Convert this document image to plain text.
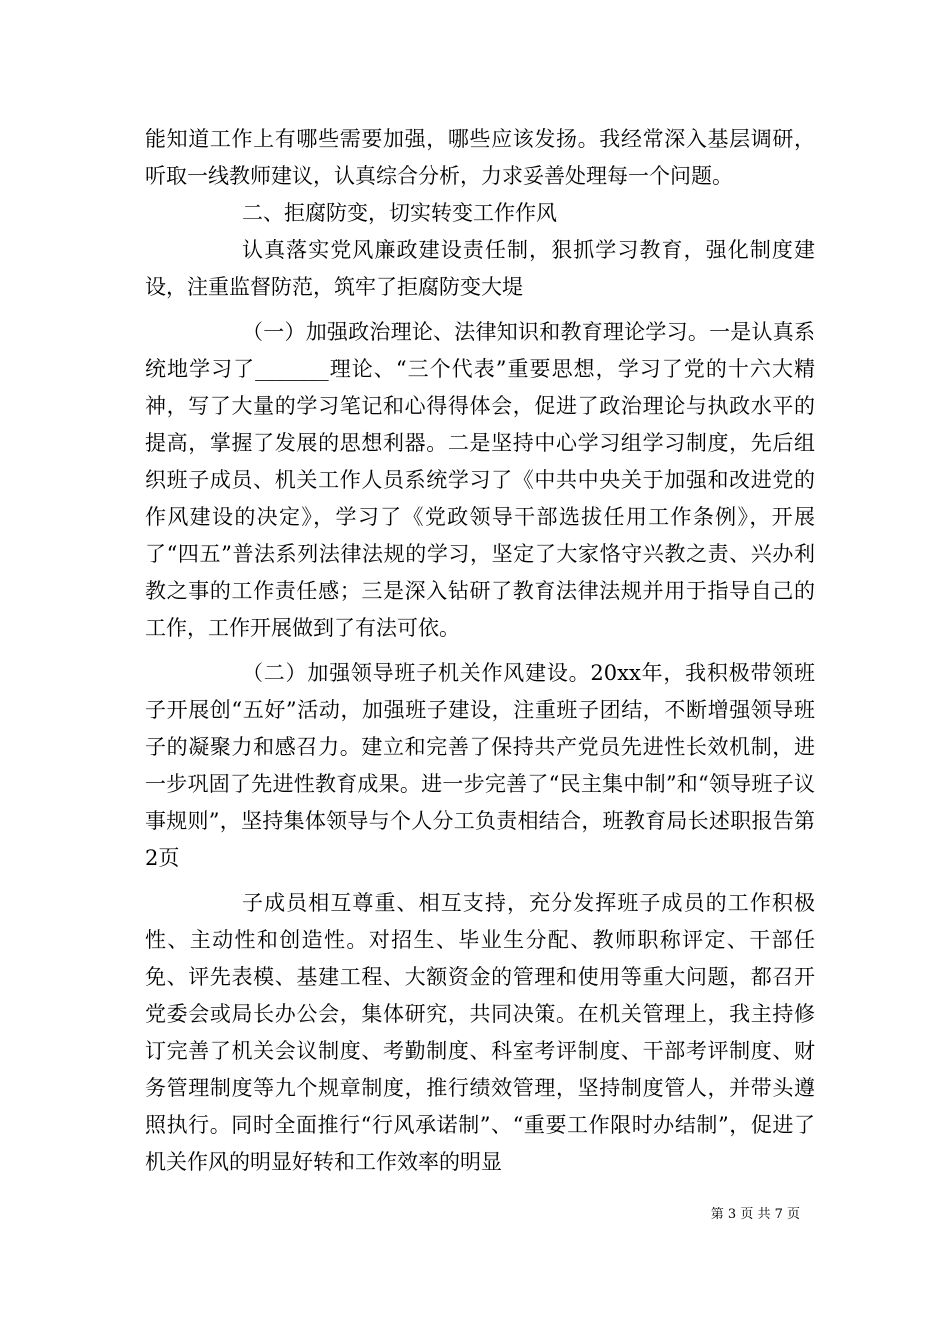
能知道工作上有哪些需要加强，哪些应该发扬。我经常深入基层调研，听取一线教师建议，认真综合分析，力求妥善处理每一个问题。

二、拒腐防变，切实转变工作作风

认真落实党风廉政建设责任制，狠抓学习教育，强化制度建设，注重监督防范，筑牢了拒腐防变大堤

（一）加强政治理论、法律知识和教育理论学习。一是认真系统地学习了_______理论、“三个代表”重要思想，学习了党的十六大精神，写了大量的学习笔记和心得得体会，促进了政治理论与执政水平的提高，掌握了发展的思想利器。二是坚持中心学习组学习制度，先后组织班子成员、机关工作人员系统学习了《中共中央关于加强和改进党的作风建设的决定》，学习了《党政领导干部选拔任用工作条例》，开展了“四五”普法系列法律法规的学习，坚定了大家恪守兴教之责、兴办利教之事的工作责任感；三是深入钻研了教育法律法规并用于指导自己的工作，工作开展做到了有法可依。

（二）加强领导班子机关作风建设。20xx年，我积极带领班子开展创“五好”活动，加强班子建设，注重班子团结，不断增强领导班子的凝聚力和感召力。建立和完善了保持共产党员先进性长效机制，进一步巩固了先进性教育成果。进一步完善了“民主集中制”和“领导班子议事规则”，坚持集体领导与个人分工负责相结合，班教育局长述职报告第2页

子成员相互尊重、相互支持，充分发挥班子成员的工作积极性、主动性和创造性。对招生、毕业生分配、教师职称评定、干部任免、评先表模、基建工程、大额资金的管理和使用等重大问题，都召开党委会或局长办公会，集体研究，共同决策。在机关管理上，我主持修订完善了机关会议制度、考勤制度、科室考评制度、干部考评制度、财务管理制度等九个规章制度，推行绩效管理，坚持制度管人，并带头遵照执行。同时全面推行“行风承诺制”、“重要工作限时办结制”，促进了机关作风的明显好转和工作效率的明显

第 3 页 共 7 页
